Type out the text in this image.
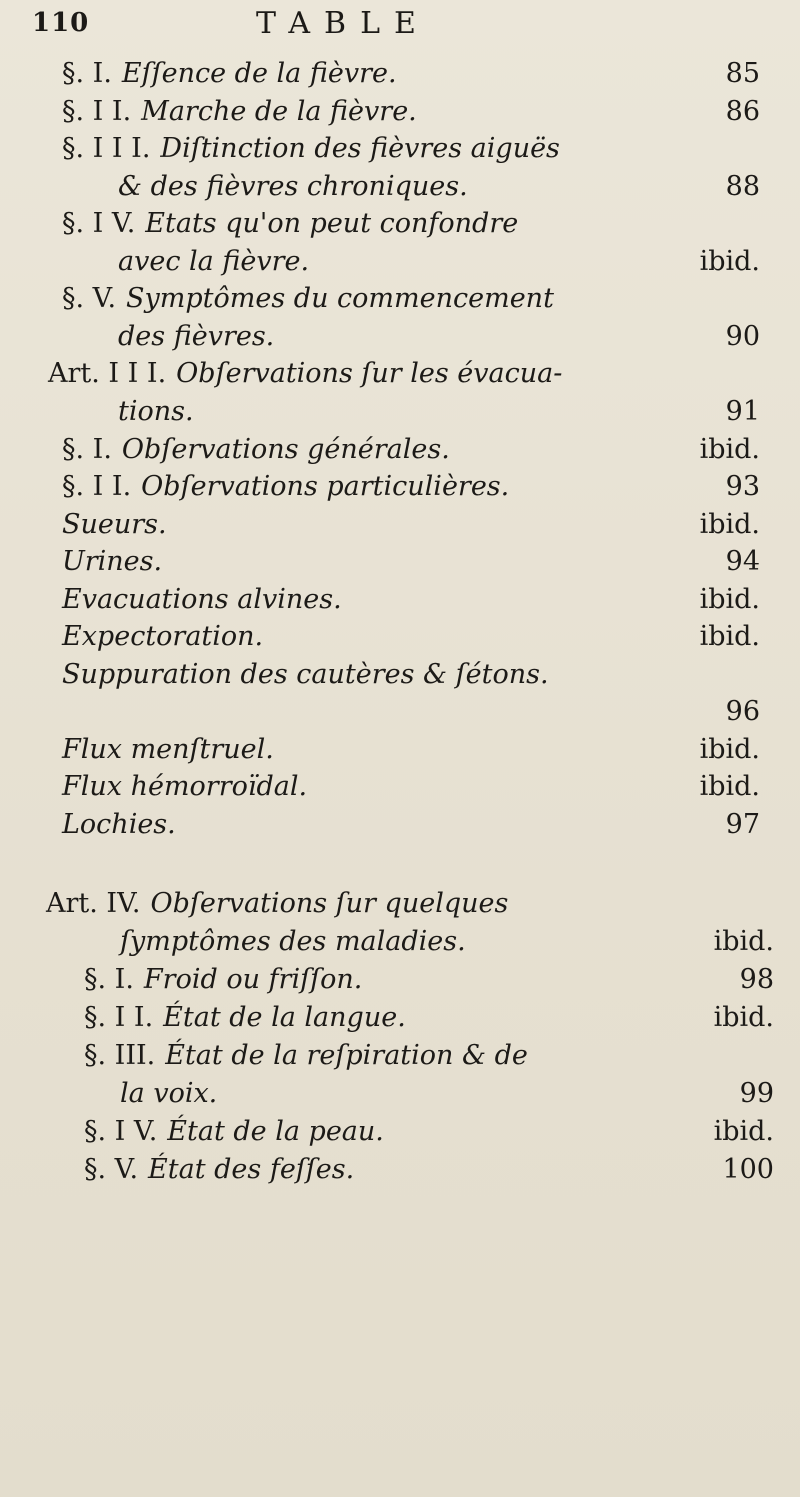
110	TABLE
§. I. Eſſence de la fièvre.	85
§. I I. Marche de la fièvre.	86
§. I I I. Diſtinction des fièvres aiguës
& des fièvres chroniques.	88
§. I V. Etats qu'on peut confondre
avec la fièvre.	ibid.
§. V. Symptômes du commencement
des fièvres.	90
Art. I I I. Obſervations ſur les évacua-
tions.	91
§. I. Obſervations générales.	ibid.
§. I I. Obſervations particulières.	93
Sueurs.	ibid.
Urines.	94
Evacuations alvines.	ibid.
Expectoration.	ibid.
Suppuration des cautères & ſétons.
96
Flux menſtruel.	ibid.
Flux hémorroïdal.	ibid.
Lochies.	97
Art. IV. Obſervations ſur quelques
ſymptômes des maladies.	ibid.
§. I. Froid ou friſſon.	98
§. I I. État de la langue.	ibid.
§. III. État de la reſpiration & de
la voix.	99
§. I V. État de la peau.	ibid.
§. V. État des feſſes.	100
